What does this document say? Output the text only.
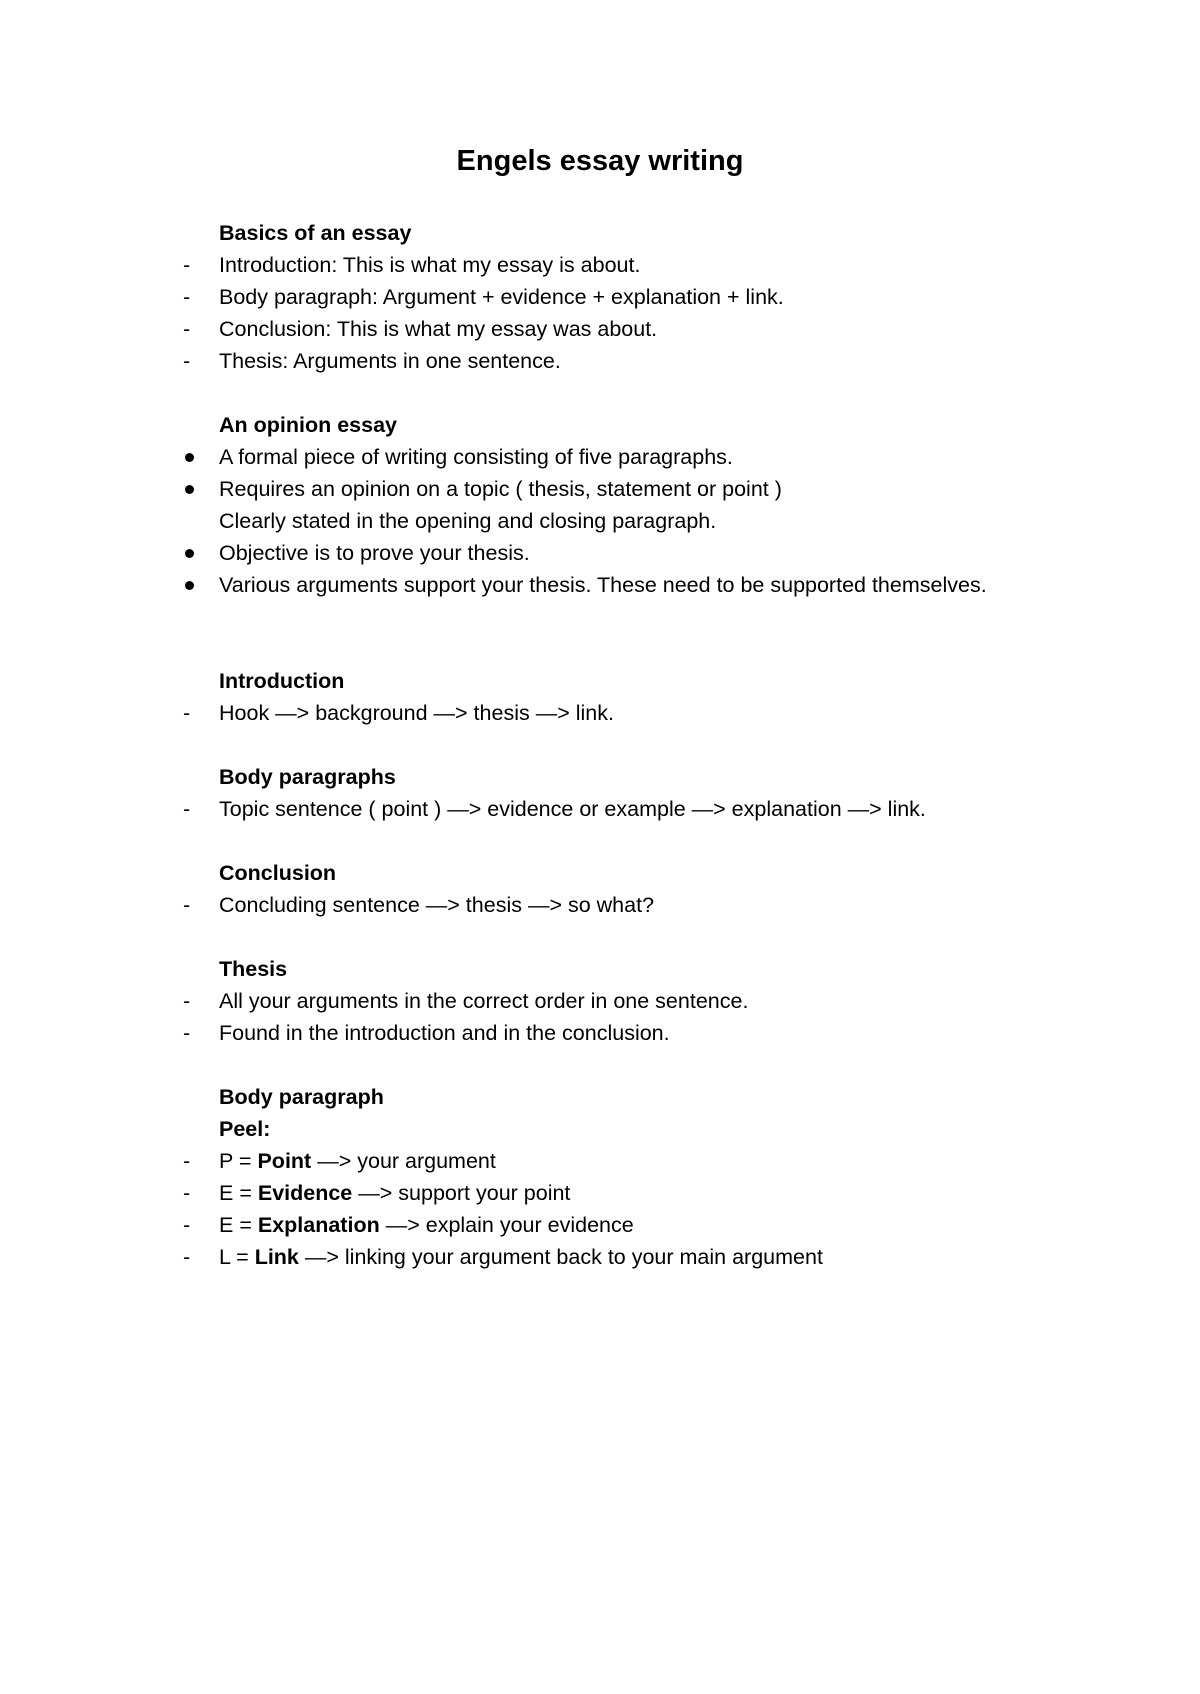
Engels essay writing
Basics of an essay
-	Introduction: This is what my essay is about.
-	Body paragraph: Argument + evidence + explanation + link.
-	Conclusion: This is what my essay was about.
-	Thesis: Arguments in one sentence.
An opinion essay
A formal piece of writing consisting of five paragraphs.
Requires an opinion on a topic ( thesis, statement or point )
Clearly stated in the opening and closing paragraph.
Objective is to prove your thesis.
Various arguments support your thesis. These need to be supported themselves.
Introduction
-	Hook —> background —> thesis —> link.
Body paragraphs
-	Topic sentence ( point ) —> evidence or example —> explanation —> link.
Conclusion
-	Concluding sentence —> thesis —> so what?
Thesis
-	All your arguments in the correct order in one sentence.
-	Found in the introduction and in the conclusion.
Body paragraph
Peel:
-	P = Point —> your argument
-	E = Evidence —> support your point
-	E = Explanation —> explain your evidence
-	L = Link —> linking your argument back to your main argument
